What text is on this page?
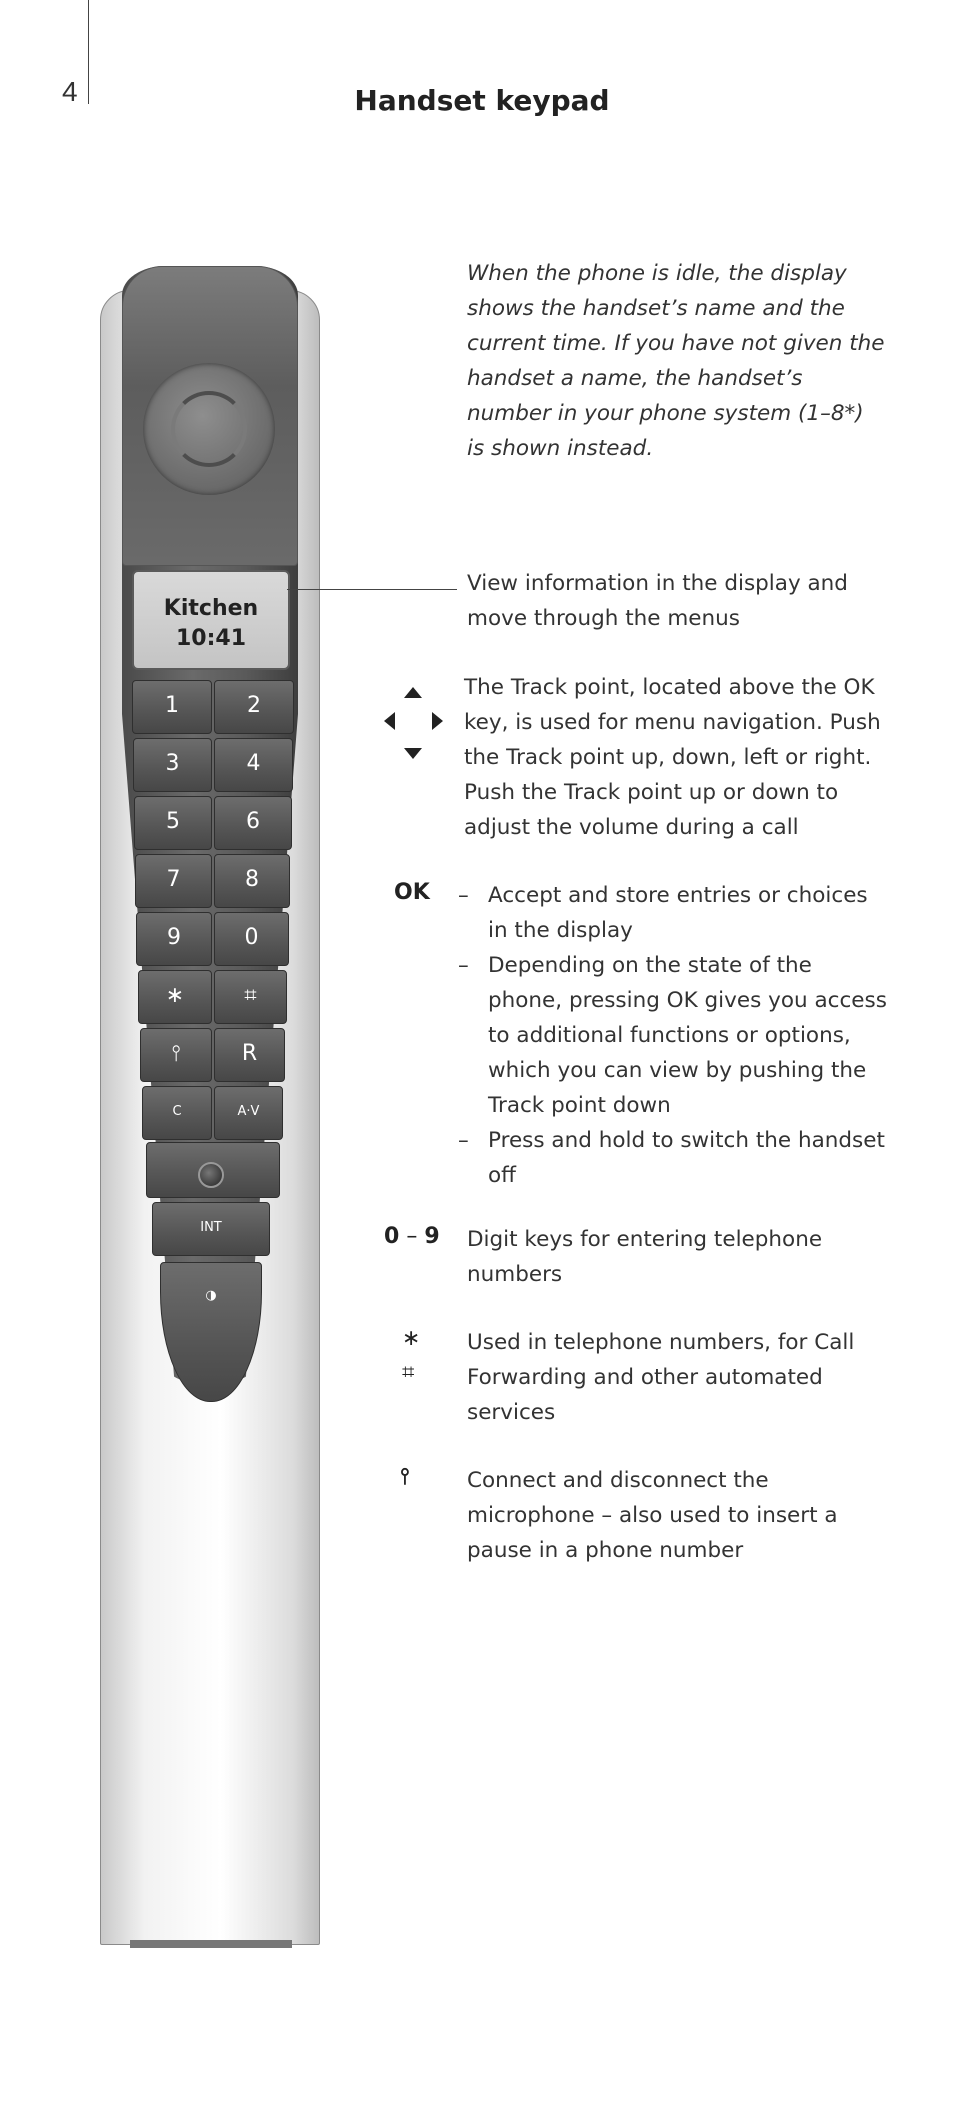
4	Handset keypad
Kitchen
10:41
1	2
3	4
5	6
7	8
9	0
∗	⌗
⫯	R
C	A·V
INT
◑
When the phone is idle, the display shows the handset’s name and the current time. If you have not given the handset a name, the handset’s number in your phone system (1–8*) is shown instead.
View information in the display and move through the menus
The Track point, located above the OK key, is used for menu navigation. Push the Track point up, down, left or right. Push the Track point up or down to adjust the volume during a call
OK – Accept and store entries or choices in the display
– Depending on the state of the phone, pressing OK gives you access to additional functions or options, which you can view by pushing the Track point down
– Press and hold to switch the handset off
0 – 9 Digit keys for entering telephone numbers
∗
⌗
Used in telephone numbers, for Call Forwarding and other automated services
⫯	Connect and disconnect the microphone – also used to insert a pause in a phone number
